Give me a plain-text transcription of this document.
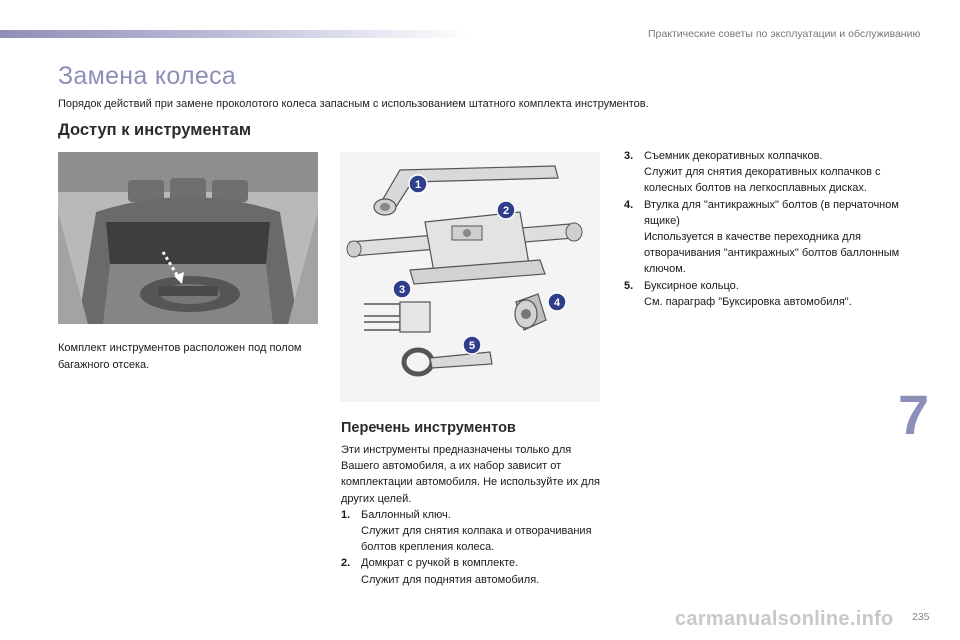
Практические советы по эксплуатации и обслуживанию
Замена колеса
Порядок действий при замене проколотого колеса запасным с использованием штатного комплекта инструментов.
Доступ к инструментам
Комплект инструментов расположен под полом багажного отсека.
1
2
3
4
5
Перечень инструментов
Эти инструменты предназначены только для Вашего автомобиля, а их набор зависит от комплектации автомобиля. Не используйте их для других целей.
1. Баллонный ключ.
Служит для снятия колпака и отворачивания болтов крепления колеса.
2. Домкрат с ручкой в комплекте.
Служит для поднятия автомобиля.
3. Съемник декоративных колпачков.
Служит для снятия декоративных колпачков с колесных болтов на легкосплавных дисках.
4. Втулка для "антикражных" болтов (в перчаточном ящике)
Используется в качестве переходника для отворачивания "антикражных" болтов баллонным ключом.
5. Буксирное кольцо.
См. параграф "Буксировка автомобиля".
7
carmanualsonline.info 235
